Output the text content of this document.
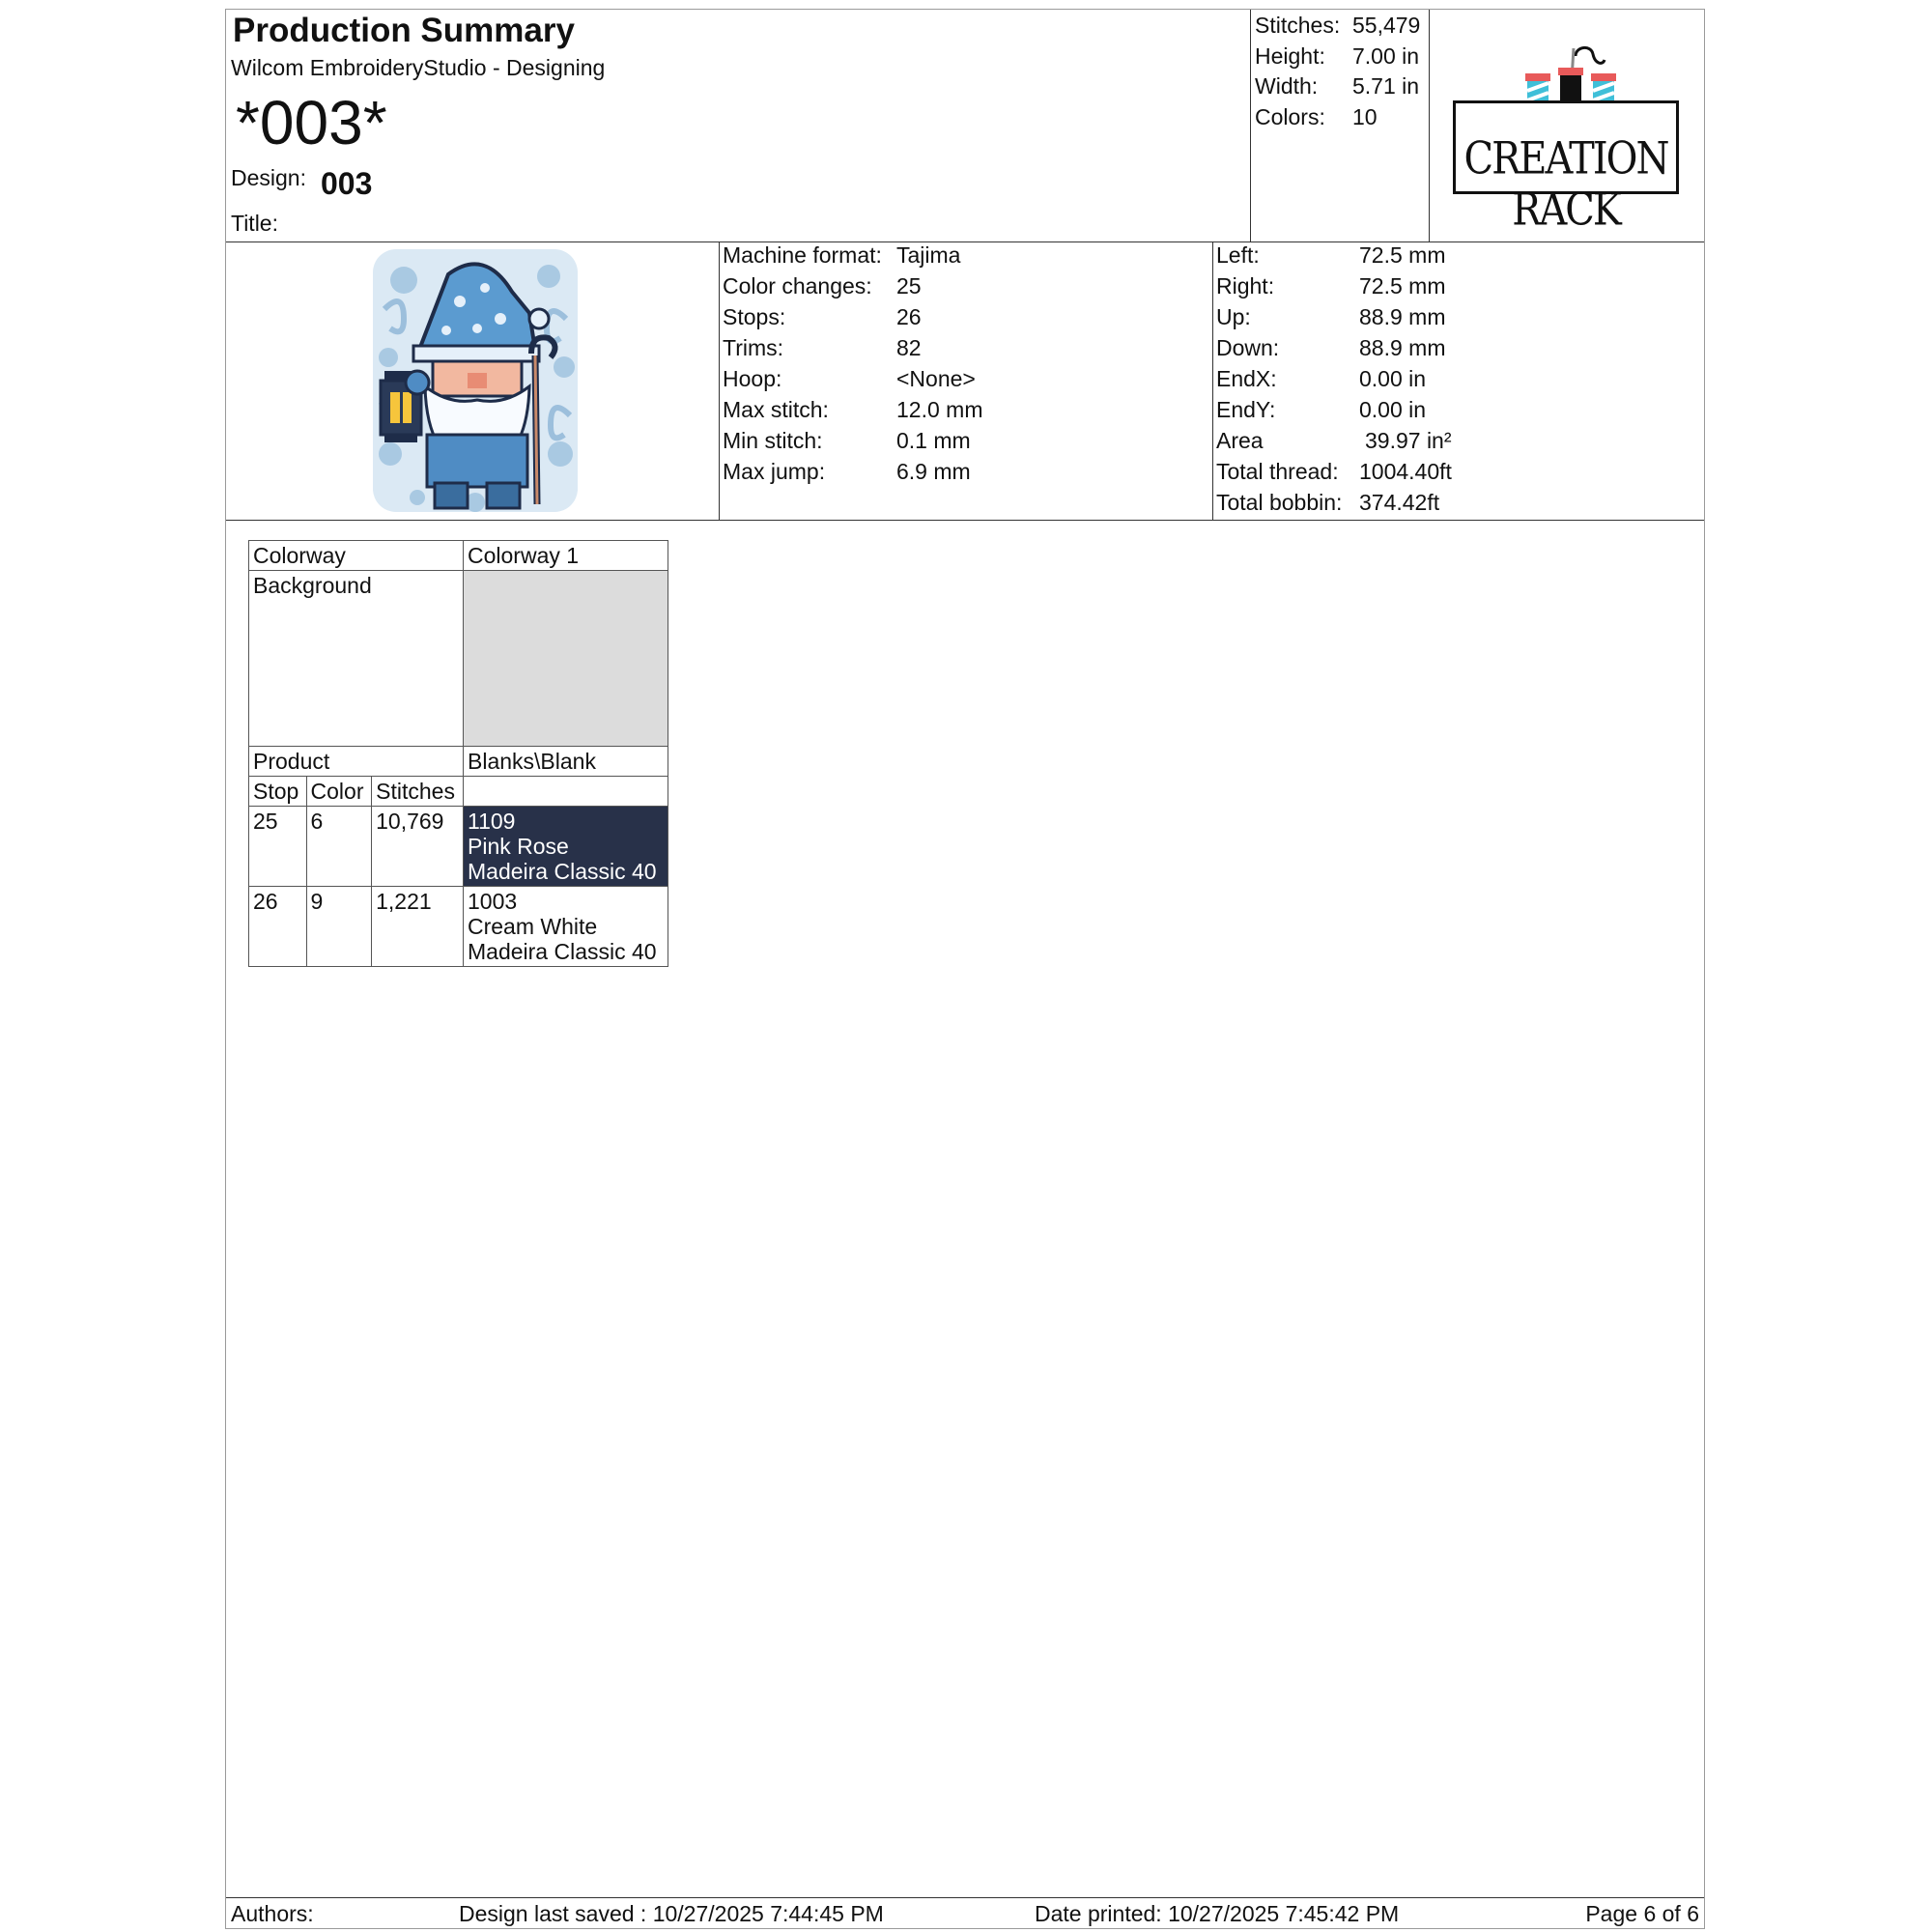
Production Summary
Wilcom EmbroideryStudio - Designing
*003*
Design: 003
Title:
Stitches: 55,479
Height: 7.00 in
Width: 5.71 in
Colors: 10
CREATION RACK
Machine format: Tajima
Color changes: 25
Stops:	26
Trims:	82
Hoop:	<None>
Max stitch:	12.0 mm
Min stitch:	0.1 mm
Max jump:	6.9 mm
Left:	72.5 mm
Right:	72.5 mm
Up:	88.9 mm
Down:	88.9 mm
EndX:	0.00 in
EndY:	0.00 in
Area	39.97 in²
Total thread: 1004.40ft
Total bobbin: 374.42ft
Colorway			Colorway 1
Background			
Product			Blanks\Blank
Stop	Color	Stitches	
25	6	10,769	1109
Pink Rose
Madeira Classic 40

26	9	1,221	1003
Cream White
Madeira Classic 40
Authors:	Design last saved : 10/27/2025 7:44:45 PM	Date printed: 10/27/2025 7:45:42 PM	Page 6 of 6
